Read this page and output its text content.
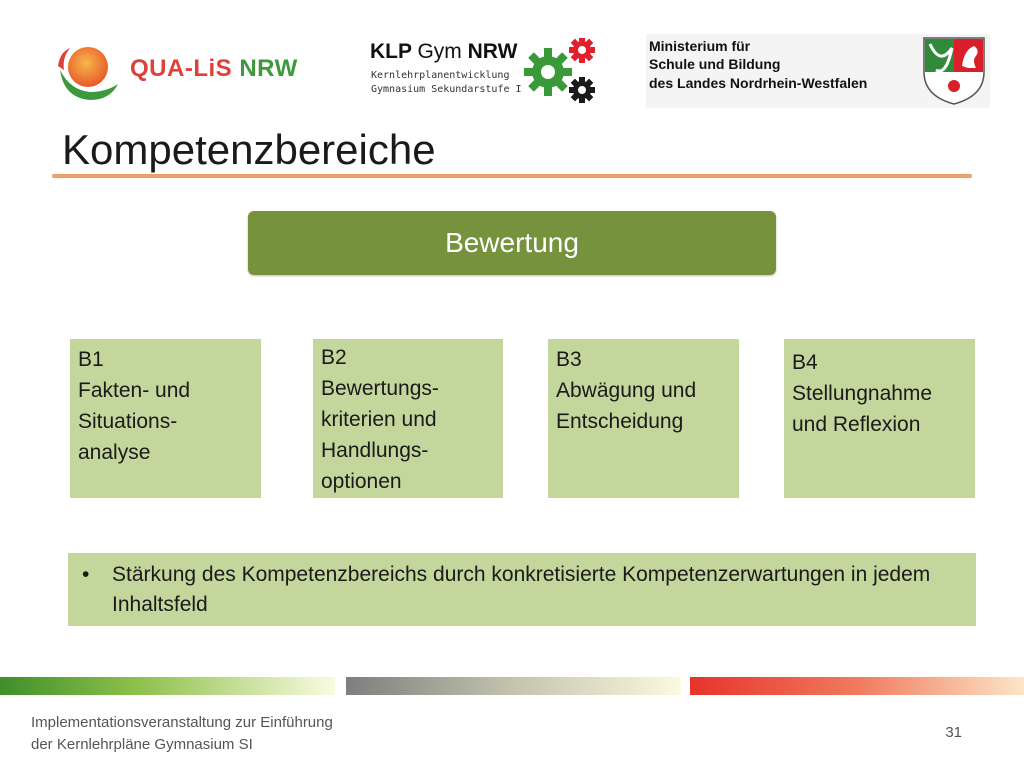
QUA-LiS NRW
KLP Gym NRW
Kernlehrplanentwicklung
Gymnasium Sekundarstufe I
Ministerium für
Schule und Bildung
des Landes Nordrhein-Westfalen
Kompetenzbereiche
Bewertung
B1
Fakten- und
Situations-
analyse
B2
Bewertungs-
kriterien und
Handlungs-
optionen
B3
Abwägung und
Entscheidung
B4
Stellungnahme
und Reflexion
•	Stärkung des Kompetenzbereichs durch konkretisierte Kompetenzerwartungen in jedem Inhaltsfeld
Implementationsveranstaltung zur Einführung
der Kernlehrpläne Gymnasium SI
31
